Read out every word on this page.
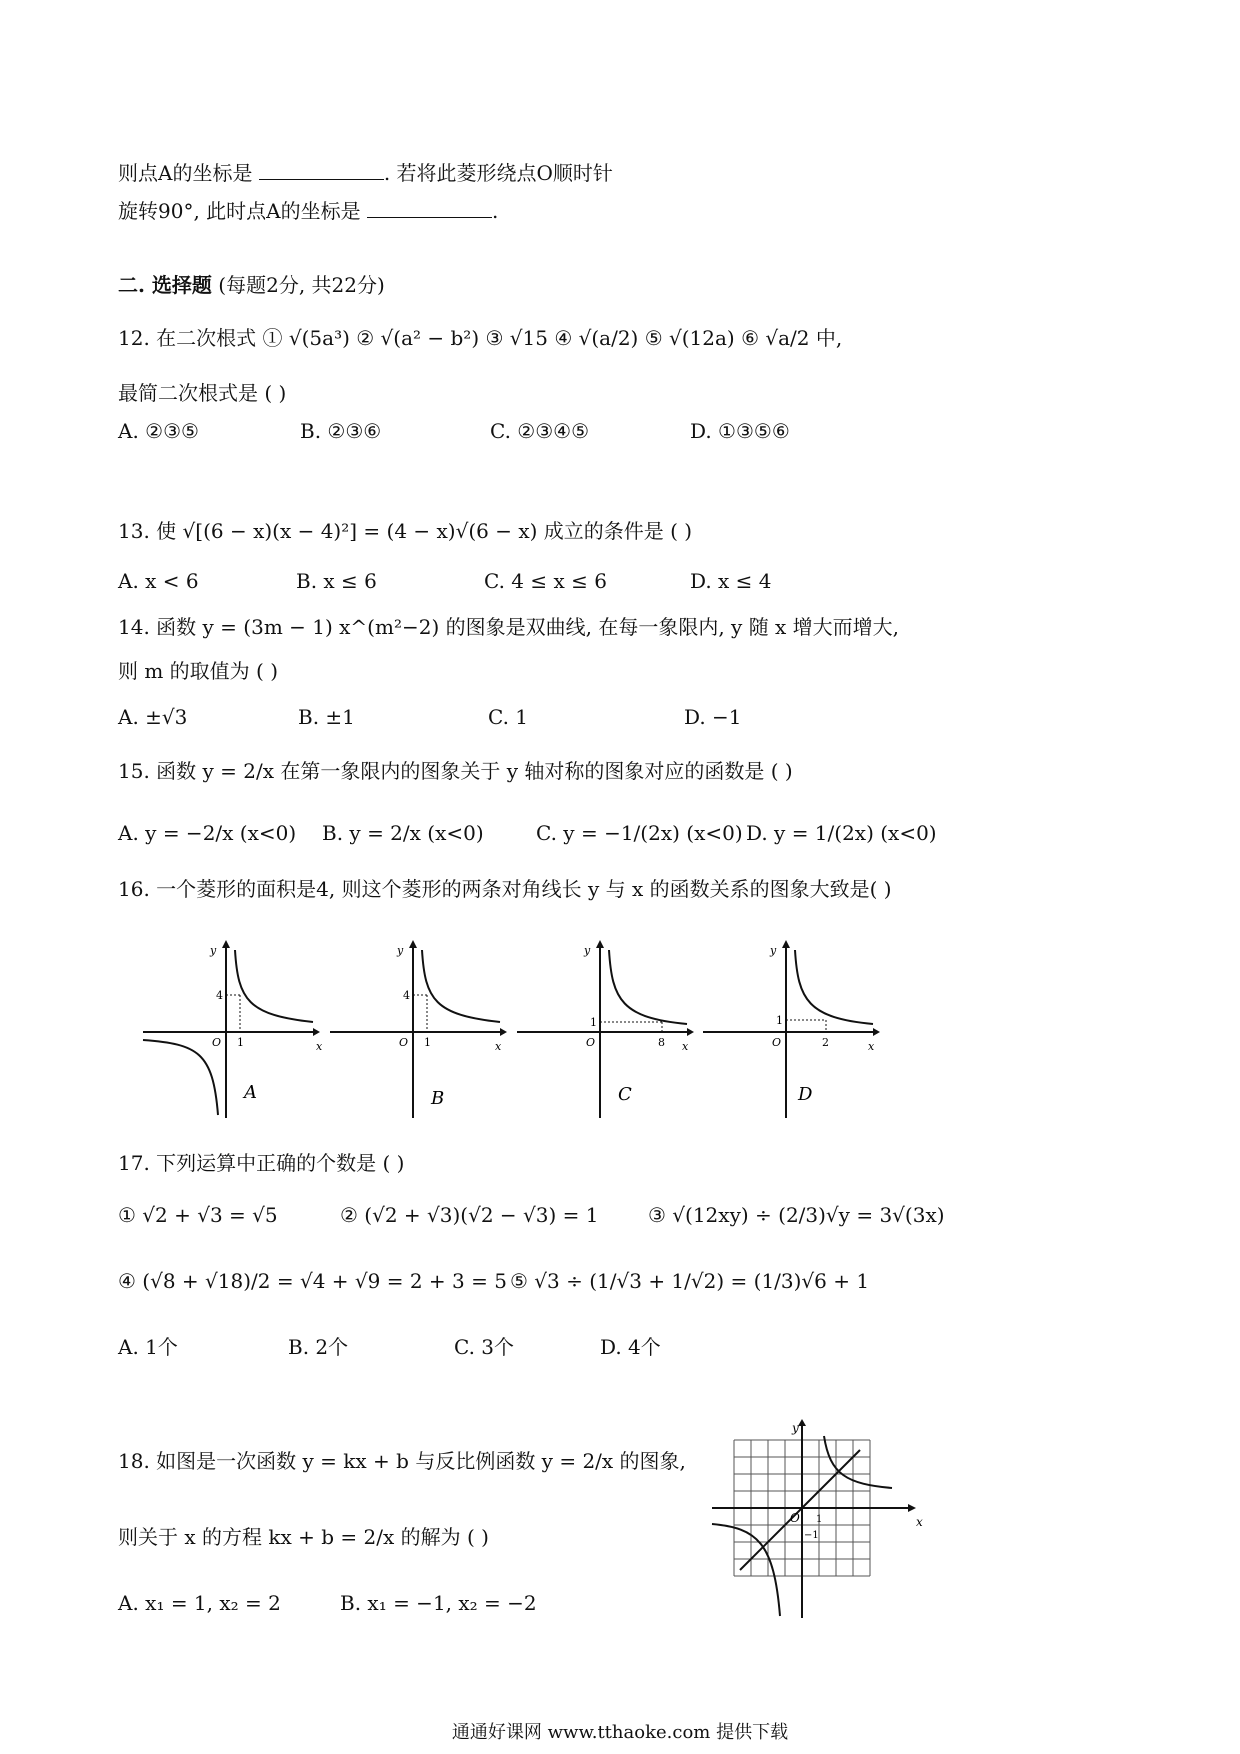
则点A的坐标是	. 若将此菱形绕点O顺时针
旋转90°, 此时点A的坐标是	.
二. 选择题 (每题2分, 共22分)
12. 在二次根式 ① √(5a³) ② √(a² − b²) ③ √15 ④ √(a/2) ⑤ √(12a) ⑥ √a/2 中,
最简二次根式是 ( )
A. ②③⑤	B. ②③⑥	C. ②③④⑤	D. ①③⑤⑥
13. 使 √[(6 − x)(x − 4)²] = (4 − x)√(6 − x) 成立的条件是 ( )
A. x < 6	B. x ≤ 6	C. 4 ≤ x ≤ 6	D. x ≤ 4
14. 函数 y = (3m − 1) x^(m²−2) 的图象是双曲线, 在每一象限内, y 随 x 增大而增大,
则 m 的取值为 ( )
A. ±√3	B. ±1	C. 1	D. −1
15. 函数 y = 2/x 在第一象限内的图象关于 y 轴对称的图象对应的函数是 ( )
A. y = −2/x (x<0) B. y = 2/x (x<0)	C. y = −1/(2x) (x<0) D. y = 1/(2x) (x<0)
16. 一个菱形的面积是4, 则这个菱形的两条对角线长 y 与 x 的函数关系的图象大致是( )
y
x
O
4
1
A
y
x
O
4
1
B
y
x
O
1
8
C
y
x
O
1
2
D
17. 下列运算中正确的个数是 ( )
① √2 + √3 = √5	② (√2 + √3)(√2 − √3) = 1 ③ √(12xy) ÷ (2/3)√y = 3√(3x)
④ (√8 + √18)/2 = √4 + √9 = 2 + 3 = 5 ⑤ √3 ÷ (1/√3 + 1/√2) = (1/3)√6 + 1
A. 1个	B. 2个	C. 3个	D. 4个
18. 如图是一次函数 y = kx + b 与反比例函数 y = 2/x 的图象,
则关于 x 的方程 kx + b = 2/x 的解为 ( )
A. x₁ = 1, x₂ = 2	B. x₁ = −1, x₂ = −2
y
x
O 1
−1
通通好课网 www.tthaoke.com 提供下载
